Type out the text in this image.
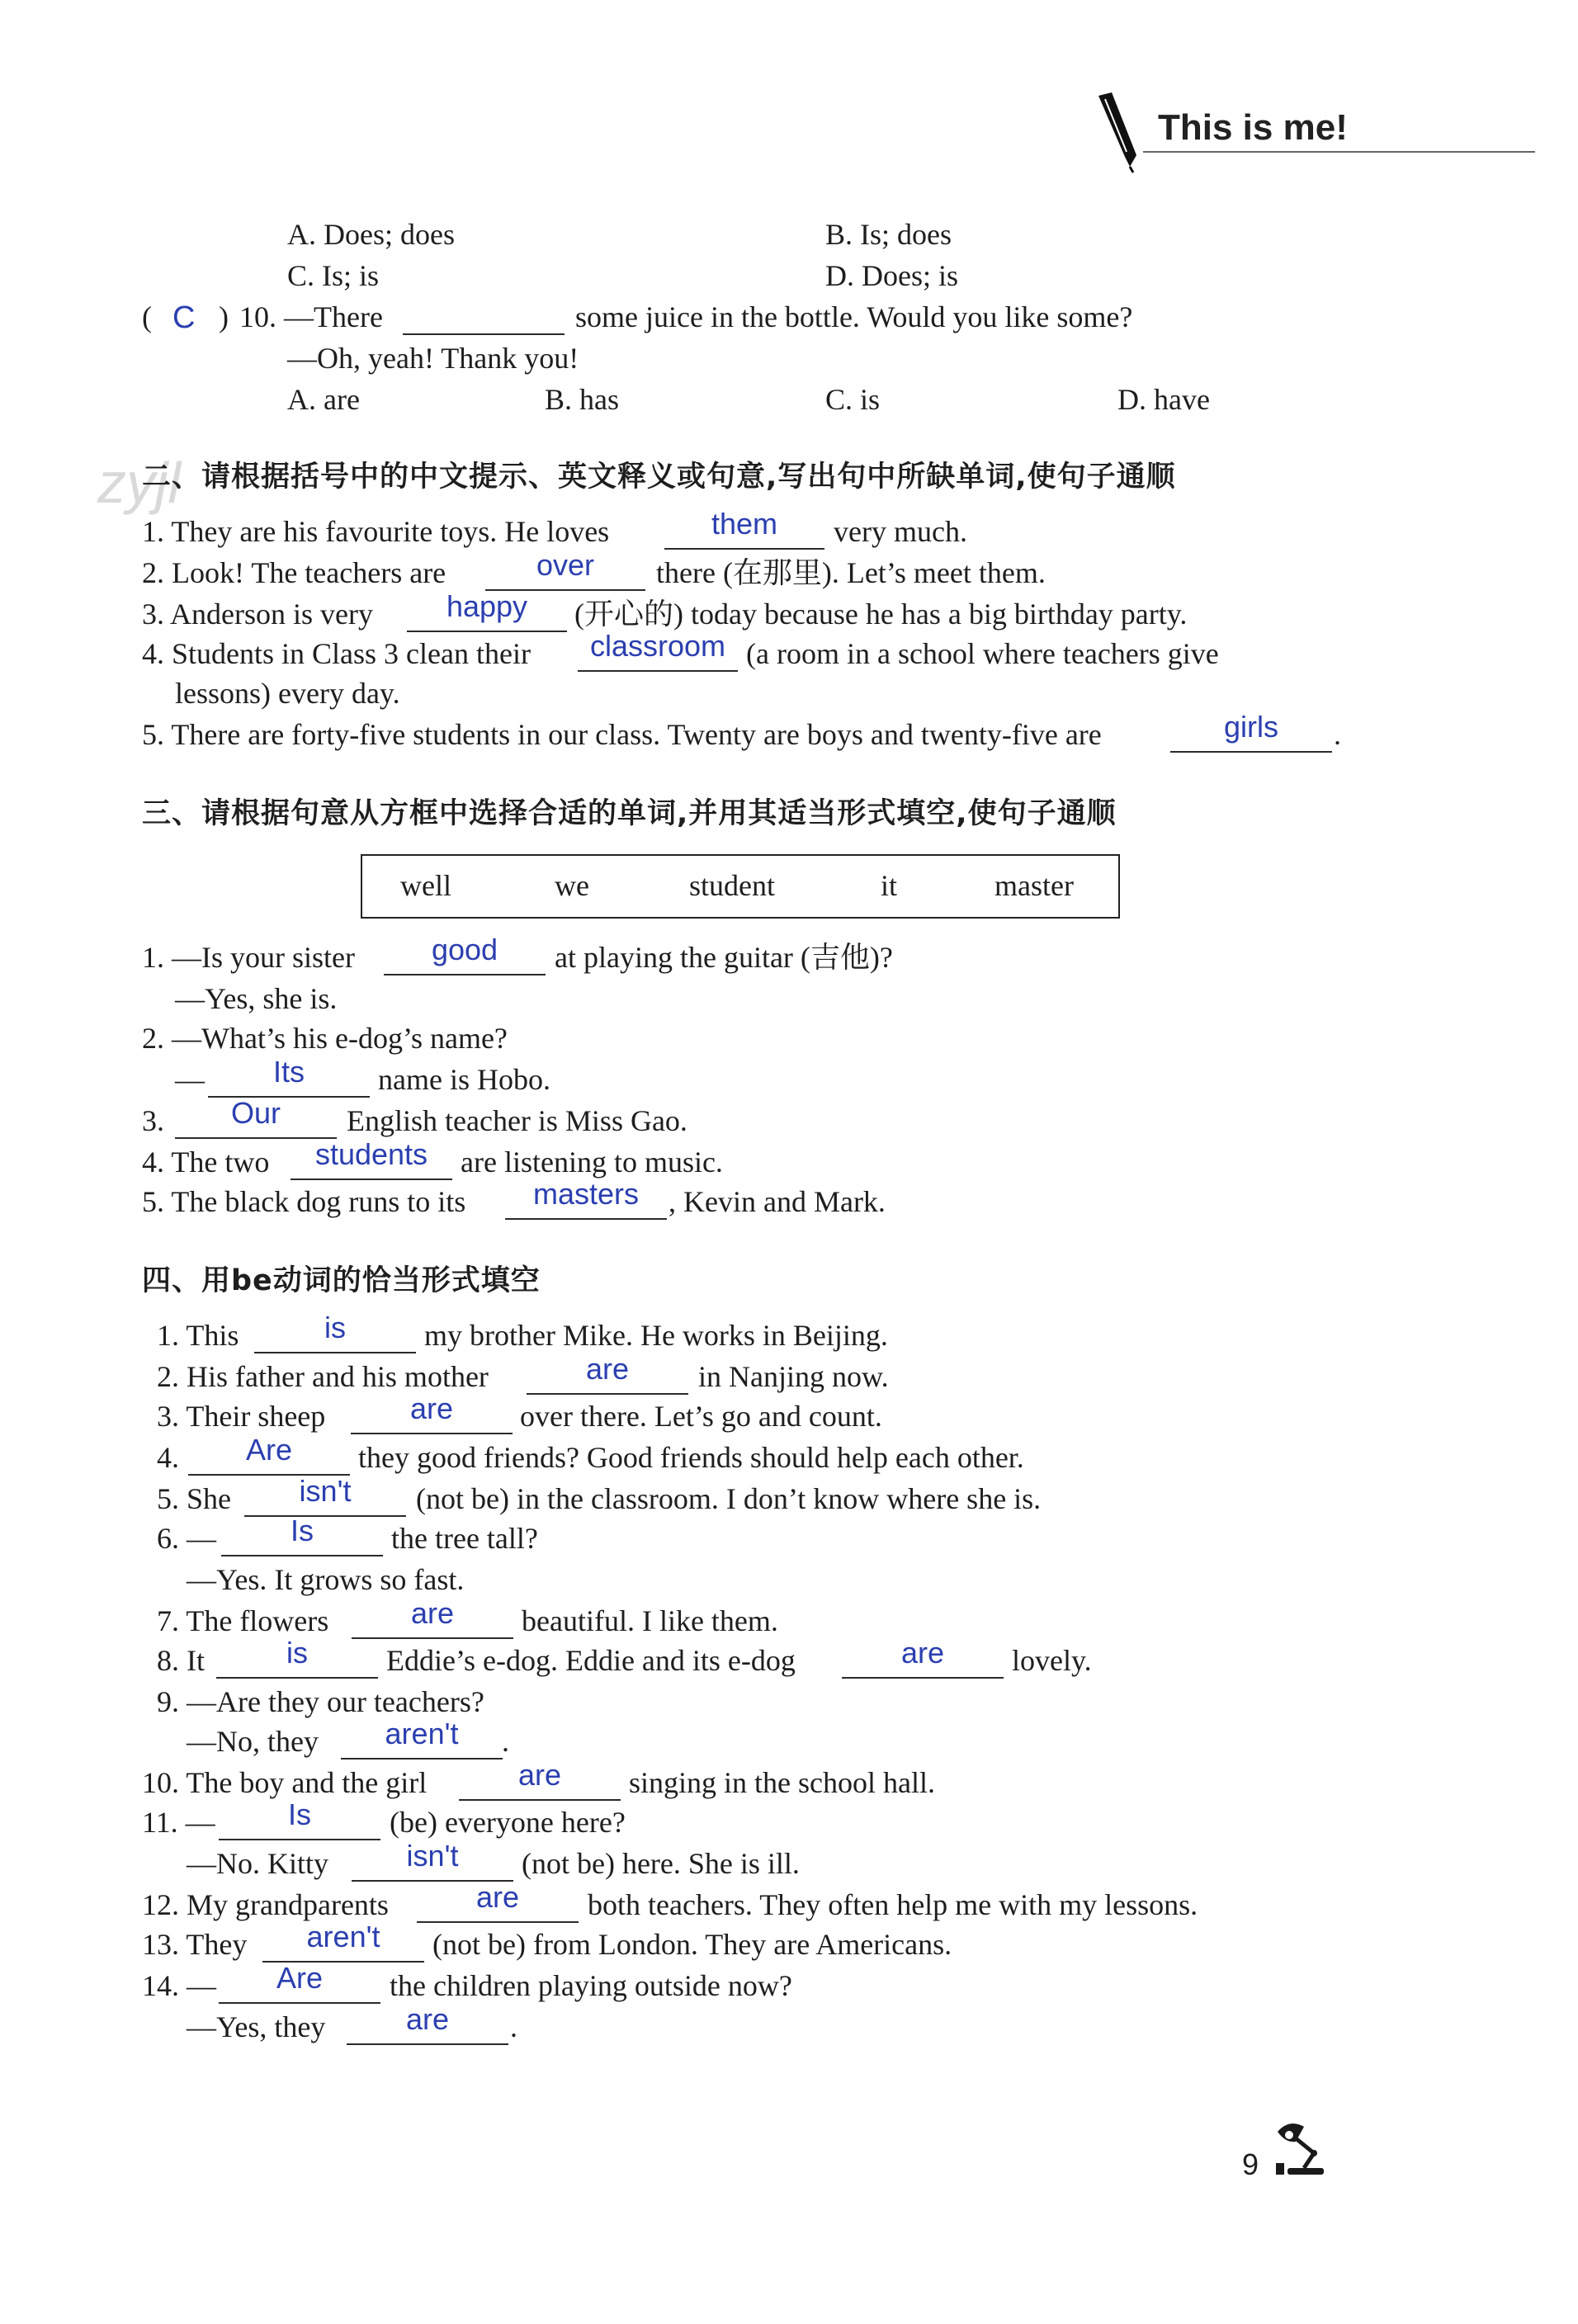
This is me!
zyjl
A. Does; does	B. Is; does
C. Is; is	D. Does; is
( C ) 10. —There	some juice in the bottle. Would you like some?
—Oh, yeah! Thank you!
A. are	B. has	C. is	D. have
二、请根据括号中的中文提示、英文释义或句意,写出句中所缺单词,使句子通顺
1. They are his favourite toys. He loves	them	very much.
2. Look! The teachers are	over	there (在那里). Let’s meet them.
3. Anderson is very	happy	(开心的) today because he has a big birthday party.
4. Students in Class 3 clean their	classroom (a room in a school where teachers give
lessons) every day.
5. There are forty-five students in our class. Twenty are boys and twenty-five are	girls	.
三、请根据句意从方框中选择合适的单词,并用其适当形式填空,使句子通顺
well	we	student	it	master
1. —Is your sister	good	at playing the guitar (吉他)?
—Yes, she is.
2. —What’s his e-dog’s name?
—	Its	name is Hobo.
3.	Our	English teacher is Miss Gao.
4. The two	students	are listening to music.
5. The black dog runs to its	masters , Kevin and Mark.
四、用be动词的恰当形式填空
1. This	is	my brother Mike. He works in Beijing.
2. His father and his mother	are	in Nanjing now.
3. Their sheep	are	over there. Let’s go and count.
4.	Are	they good friends? Good friends should help each other.
5. She	isn't	(not be) in the classroom. I don’t know where she is.
6. —	Is	the tree tall?
—Yes. It grows so fast.
7. The flowers	are	beautiful. I like them.
8. It	is	Eddie’s e-dog. Eddie and its e-dog	are	lovely.
9. —Are they our teachers?
—No, they	aren't	.
10. The boy and the girl	are	singing in the school hall.
11. —	Is	(be) everyone here?
—No. Kitty	isn't	(not be) here. She is ill.
12. My grandparents	are	both teachers. They often help me with my lessons.
13. They	aren't	(not be) from London. They are Americans.
14. —	Are	the children playing outside now?
—Yes, they	are	.
9
